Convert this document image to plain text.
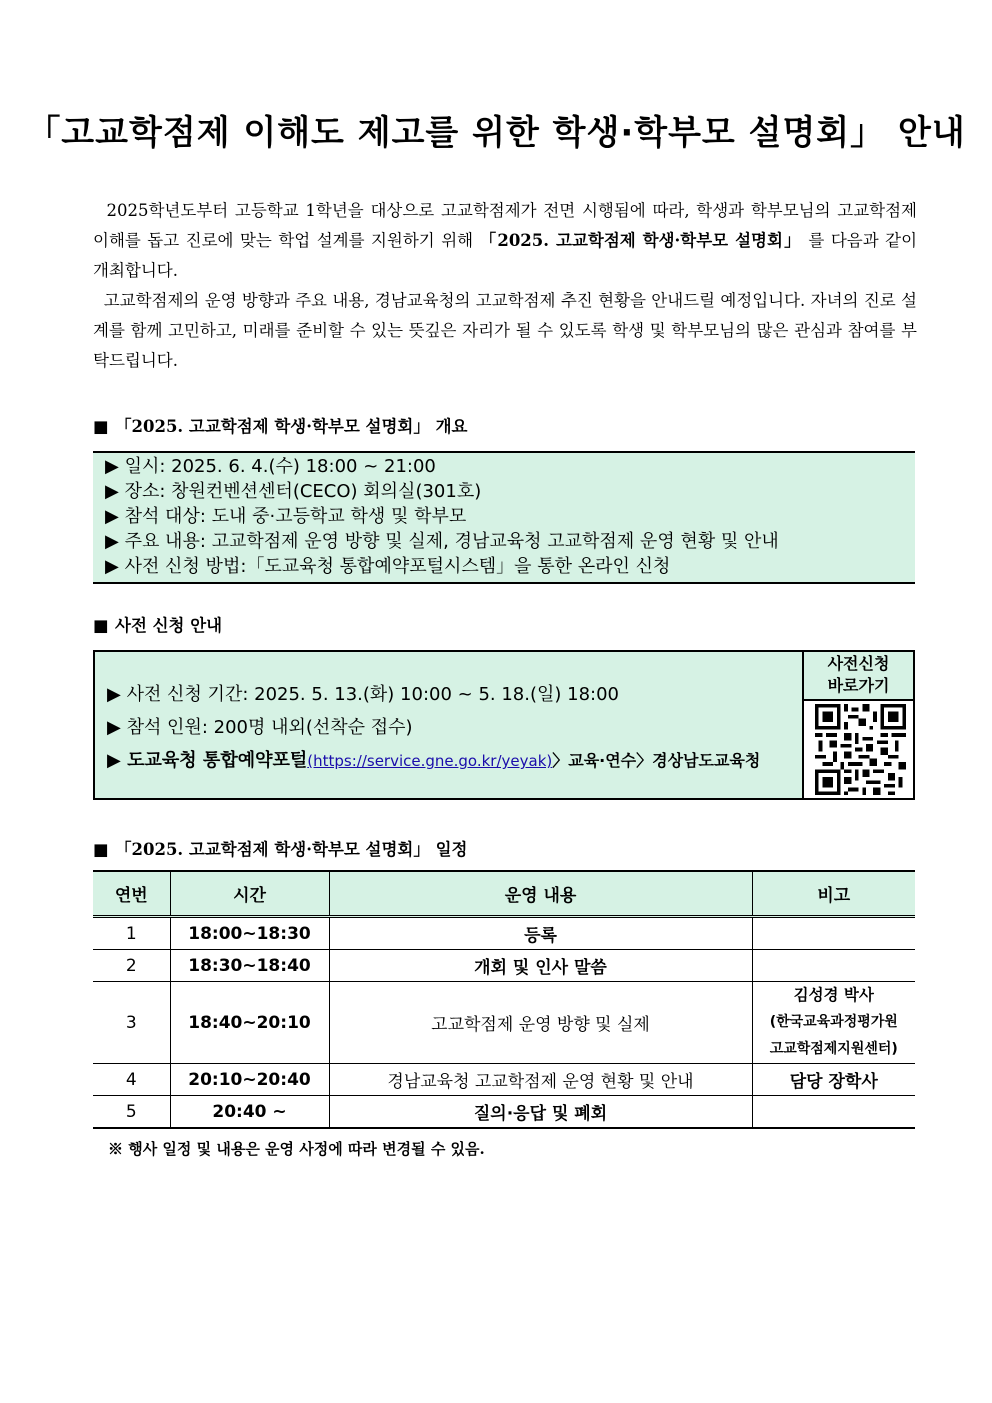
「고교학점제 이해도 제고를 위한 학생·학부모 설명회」 안내

2025학년도부터 고등학교 1학년을 대상으로 고교학점제가 전면 시행됨에 따라, 학생과 학부모님의 고교학점제 이해를 돕고 진로에 맞는 학업 설계를 지원하기 위해 「2025. 고교학점제 학생·학부모 설명회」 를 다음과 같이 개최합니다.

고교학점제의 운영 방향과 주요 내용, 경남교육청의 고교학점제 추진 현황을 안내드릴 예정입니다. 자녀의 진로 설계를 함께 고민하고, 미래를 준비할 수 있는 뜻깊은 자리가 될 수 있도록 학생 및 학부모님의 많은 관심과 참여를 부탁드립니다.

■ 「2025. 고교학점제 학생·학부모 설명회」 개요
▶ 일시: 2025. 6. 4.(수) 18:00 ~ 21:00
▶ 장소: 창원컨벤션센터(CECO) 회의실(301호)
▶ 참석 대상: 도내 중·고등학교 학생 및 학부모
▶ 주요 내용: 고교학점제 운영 방향 및 실제, 경남교육청 고교학점제 운영 현황 및 안내
▶ 사전 신청 방법:「도교육청 통합예약포털시스템」을 통한 온라인 신청
■ 사전 신청 안내
▶ 사전 신청 기간: 2025. 5. 13.(화) 10:00 ~ 5. 18.(일) 18:00
▶ 참석 인원: 200명 내외(선착순 접수)
▶ 도교육청 통합예약포털(https://service.gne.go.kr/yeyak)〉교육·연수〉경상남도교육청
사전신청
바로가기
■ 「2025. 고교학점제 학생·학부모 설명회」 일정
연번	시간	운영 내용	비고
1	18:00~18:30	등록	
2	18:30~18:40	개회 및 인사 말씀	
3	18:40~20:10	고교학점제 운영 방향 및 실제	김성경 박사
(한국교육과정평가원
고교학점제지원센터)

4	20:10~20:40	경남교육청 고교학점제 운영 현황 및 안내	담당 장학사
5	20:40 ~	질의·응답 및 폐회	
※ 행사 일정 및 내용은 운영 사정에 따라 변경될 수 있음.
